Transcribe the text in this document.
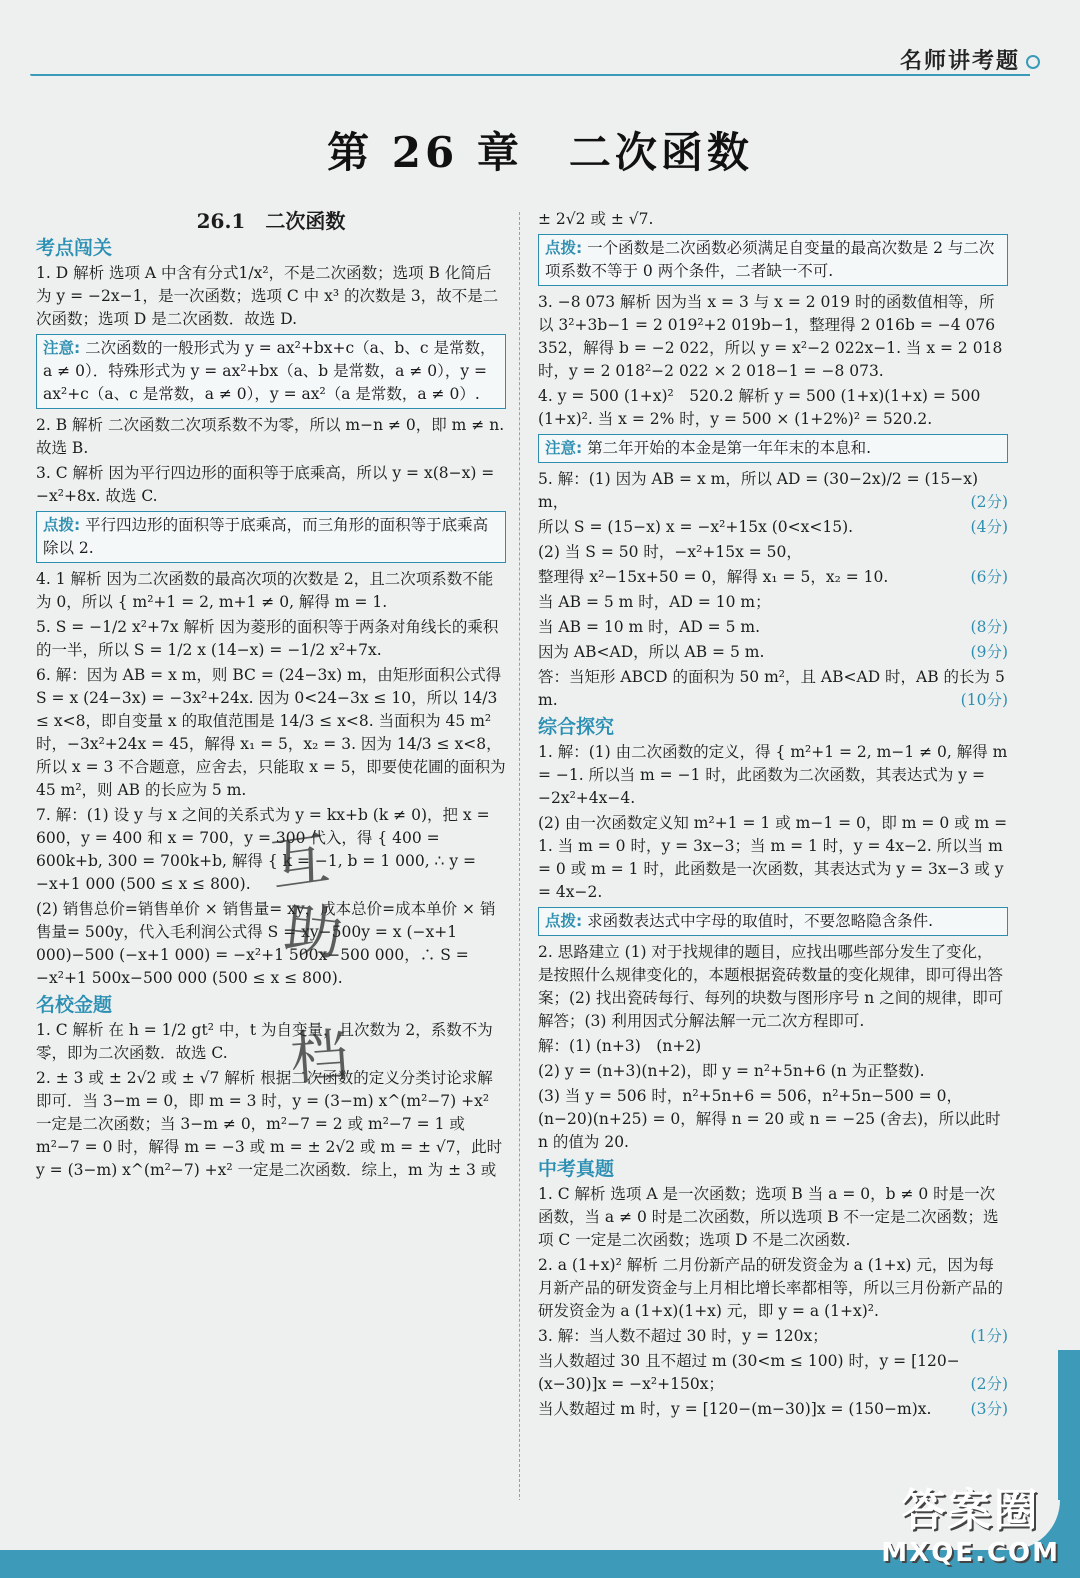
名师讲考题
第 26 章　二次函数
26.1　二次函数
考点闯关

1. D 解析 选项 A 中含有分式1/x²，不是二次函数；选项 B 化简后为 y = −2x−1，是一次函数；选项 C 中 x³ 的次数是 3，故不是二次函数；选项 D 是二次函数．故选 D.

注意: 二次函数的一般形式为 y = ax²+bx+c（a、b、c 是常数，a ≠ 0）．特殊形式为 y = ax²+bx（a、b 是常数，a ≠ 0），y = ax²+c（a、c 是常数，a ≠ 0），y = ax²（a 是常数，a ≠ 0）.

2. B 解析 二次函数二次项系数不为零，所以 m−n ≠ 0，即 m ≠ n. 故选 B.

3. C 解析 因为平行四边形的面积等于底乘高，所以 y = x(8−x) = −x²+8x. 故选 C.

点拨: 平行四边形的面积等于底乘高，而三角形的面积等于底乘高除以 2.

4. 1 解析 因为二次函数的最高次项的次数是 2，且二次项系数不能为 0，所以 { m²+1 = 2, m+1 ≠ 0, 解得 m = 1.

5. S = −1/2 x²+7x 解析 因为菱形的面积等于两条对角线长的乘积的一半，所以 S = 1/2 x (14−x) = −1/2 x²+7x.

6. 解：因为 AB = x m，则 BC = (24−3x) m，由矩形面积公式得 S = x (24−3x) = −3x²+24x. 因为 0<24−3x ≤ 10，所以 14/3 ≤ x<8，即自变量 x 的取值范围是 14/3 ≤ x<8. 当面积为 45 m² 时，−3x²+24x = 45，解得 x₁ = 5，x₂ = 3. 因为 14/3 ≤ x<8，所以 x = 3 不合题意，应舍去，只能取 x = 5，即要使花圃的面积为 45 m²，则 AB 的长应为 5 m.

7. 解：(1) 设 y 与 x 之间的关系式为 y = kx+b (k ≠ 0)，把 x = 600，y = 400 和 x = 700，y = 300 代入，得 { 400 = 600k+b, 300 = 700k+b, 解得 { k = −1, b = 1 000, ∴ y = −x+1 000 (500 ≤ x ≤ 800).

(2) 销售总价=销售单价 × 销售量= xy，成本总价=成本单价 × 销售量= 500y，代入毛利润公式得 S = xy−500y = x (−x+1 000)−500 (−x+1 000) = −x²+1 500x−500 000，∴ S = −x²+1 500x−500 000 (500 ≤ x ≤ 800).

名校金题

1. C 解析 在 h = 1/2 gt² 中，t 为自变量，且次数为 2，系数不为零，即为二次函数．故选 C.

2. ± 3 或 ± 2√2 或 ± √7 解析 根据二次函数的定义分类讨论求解即可．当 3−m = 0，即 m = 3 时，y = (3−m) x^(m²−7) +x² 一定是二次函数；当 3−m ≠ 0，m²−7 = 2 或 m²−7 = 1 或 m²−7 = 0 时，解得 m = −3 或 m = ± 2√2 或 m = ± √7，此时 y = (3−m) x^(m²−7) +x² 一定是二次函数．综上，m 为 ± 3 或

± 2√2 或 ± √7.

点拨: 一个函数是二次函数必须满足自变量的最高次数是 2 与二次项系数不等于 0 两个条件，二者缺一不可.

3. −8 073 解析 因为当 x = 3 与 x = 2 019 时的函数值相等，所以 3²+3b−1 = 2 019²+2 019b−1，整理得 2 016b = −4 076 352，解得 b = −2 022，所以 y = x²−2 022x−1. 当 x = 2 018 时，y = 2 018²−2 022 × 2 018−1 = −8 073.

4. y = 500 (1+x)²　520.2 解析 y = 500 (1+x)(1+x) = 500 (1+x)². 当 x = 2% 时，y = 500 × (1+2%)² = 520.2.

注意: 第二年开始的本金是第一年年末的本息和.

5. 解：(1) 因为 AB = x m，所以 AD = (30−2x)/2 = (15−x) m，	(2分)

所以 S = (15−x) x = −x²+15x (0<x<15).	(4分)

(2) 当 S = 50 时，−x²+15x = 50，

整理得 x²−15x+50 = 0，解得 x₁ = 5，x₂ = 10.	(6分)

当 AB = 5 m 时，AD = 10 m；

当 AB = 10 m 时，AD = 5 m.	(8分)

因为 AB<AD，所以 AB = 5 m.	(9分)

答：当矩形 ABCD 的面积为 50 m²，且 AB<AD 时，AB 的长为 5 m.	(10分)

综合探究

1. 解：(1) 由二次函数的定义，得 { m²+1 = 2, m−1 ≠ 0, 解得 m = −1. 所以当 m = −1 时，此函数为二次函数，其表达式为 y = −2x²+4x−4.

(2) 由一次函数定义知 m²+1 = 1 或 m−1 = 0，即 m = 0 或 m = 1. 当 m = 0 时，y = 3x−3；当 m = 1 时，y = 4x−2. 所以当 m = 0 或 m = 1 时，此函数是一次函数，其表达式为 y = 3x−3 或 y = 4x−2.

点拨: 求函数表达式中字母的取值时，不要忽略隐含条件.

2. 思路建立 (1) 对于找规律的题目，应找出哪些部分发生了变化，是按照什么规律变化的，本题根据瓷砖数量的变化规律，即可得出答案；(2) 找出瓷砖每行、每列的块数与图形序号 n 之间的规律，即可解答；(3) 利用因式分解法解一元二次方程即可.

解：(1) (n+3)　(n+2)

(2) y = (n+3)(n+2)，即 y = n²+5n+6 (n 为正整数).

(3) 当 y = 506 时，n²+5n+6 = 506，n²+5n−500 = 0，(n−20)(n+25) = 0，解得 n = 20 或 n = −25 (舍去)，所以此时 n 的值为 20.

中考真题

1. C 解析 选项 A 是一次函数；选项 B 当 a = 0，b ≠ 0 时是一次函数，当 a ≠ 0 时是二次函数，所以选项 B 不一定是二次函数；选项 C 一定是二次函数；选项 D 不是二次函数.

2. a (1+x)² 解析 二月份新产品的研发资金为 a (1+x) 元，因为每月新产品的研发资金与上月相比增长率都相等，所以三月份新产品的研发资金为 a (1+x)(1+x) 元，即 y = a (1+x)².

3. 解：当人数不超过 30 时，y = 120x；	(1分)

当人数超过 30 且不超过 m (30<m ≤ 100) 时，y = [120−(x−30)]x = −x²+150x；	(2分)

当人数超过 m 时，y = [120−(m−30)]x = (150−m)x.	(3分)

互
助
档
答案圈
MXQE.COM
